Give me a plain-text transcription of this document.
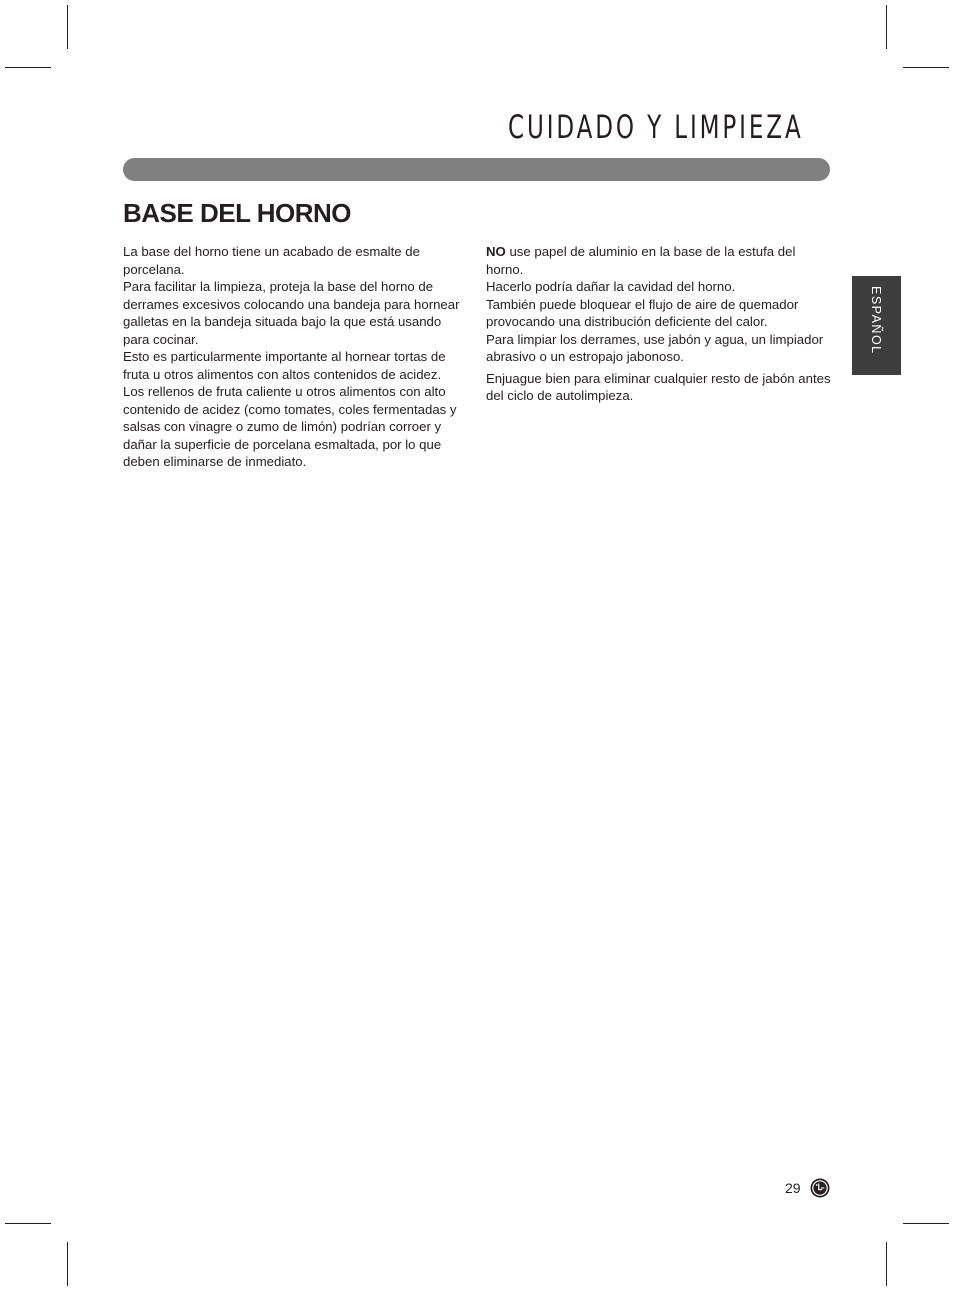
CUIDADO Y LIMPIEZA
BASE DEL HORNO

La base del horno tiene un acabado de esmalte de porcelana.

Para facilitar la limpieza, proteja la base del horno de derrames excesivos colocando una bandeja para hornear galletas en la bandeja situada bajo la que está usando para cocinar.

Esto es particularmente importante al hornear tortas de fruta u otros alimentos con altos contenidos de acidez.

Los rellenos de fruta caliente u otros alimentos con alto contenido de acidez (como tomates, coles fermentadas y salsas con vinagre o zumo de limón) podrían corroer y dañar la superficie de porcelana esmaltada, por lo que deben eliminarse de inmediato.

NO use papel de aluminio en la base de la estufa del horno.

Hacerlo podría dañar la cavidad del horno.

También puede bloquear el flujo de aire de quemador provocando una distribución deficiente del calor.

Para limpiar los derrames, use jabón y agua, un limpiador abrasivo o un estropajo jabonoso.

Enjuague bien para eliminar cualquier resto de jabón antes del ciclo de autolimpieza.

ESPAÑOL
29
